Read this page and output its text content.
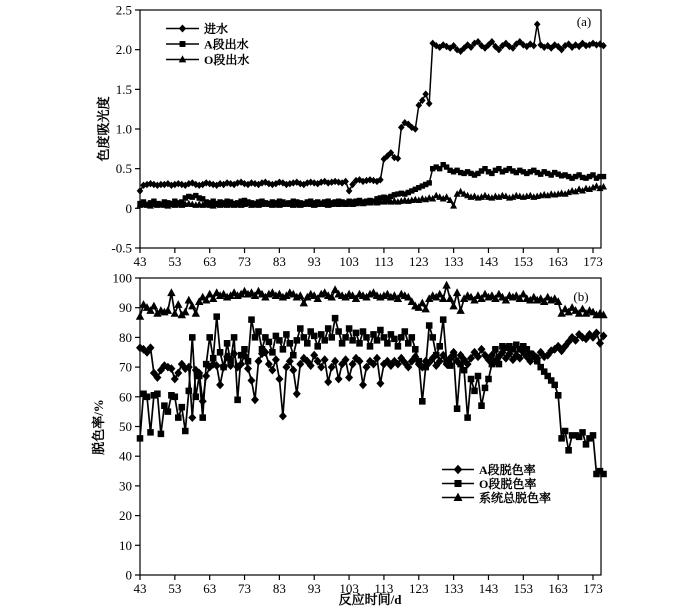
-0.5
0
0.5
1.0
1.5
2.0
2.5
43 53 63 73 83 93 103 113 123 133 143 153 163 173
进水
A段出水
O段出水
色度吸光度
(a)
0
10
20
30
40
50
60
70
80
90
100
43 53 63 73 83 93 103 113 123 133 143 153 163 173
A段脱色率
O段脱色率
系统总脱色率
脱色率/%
反应时间/d
(b)
